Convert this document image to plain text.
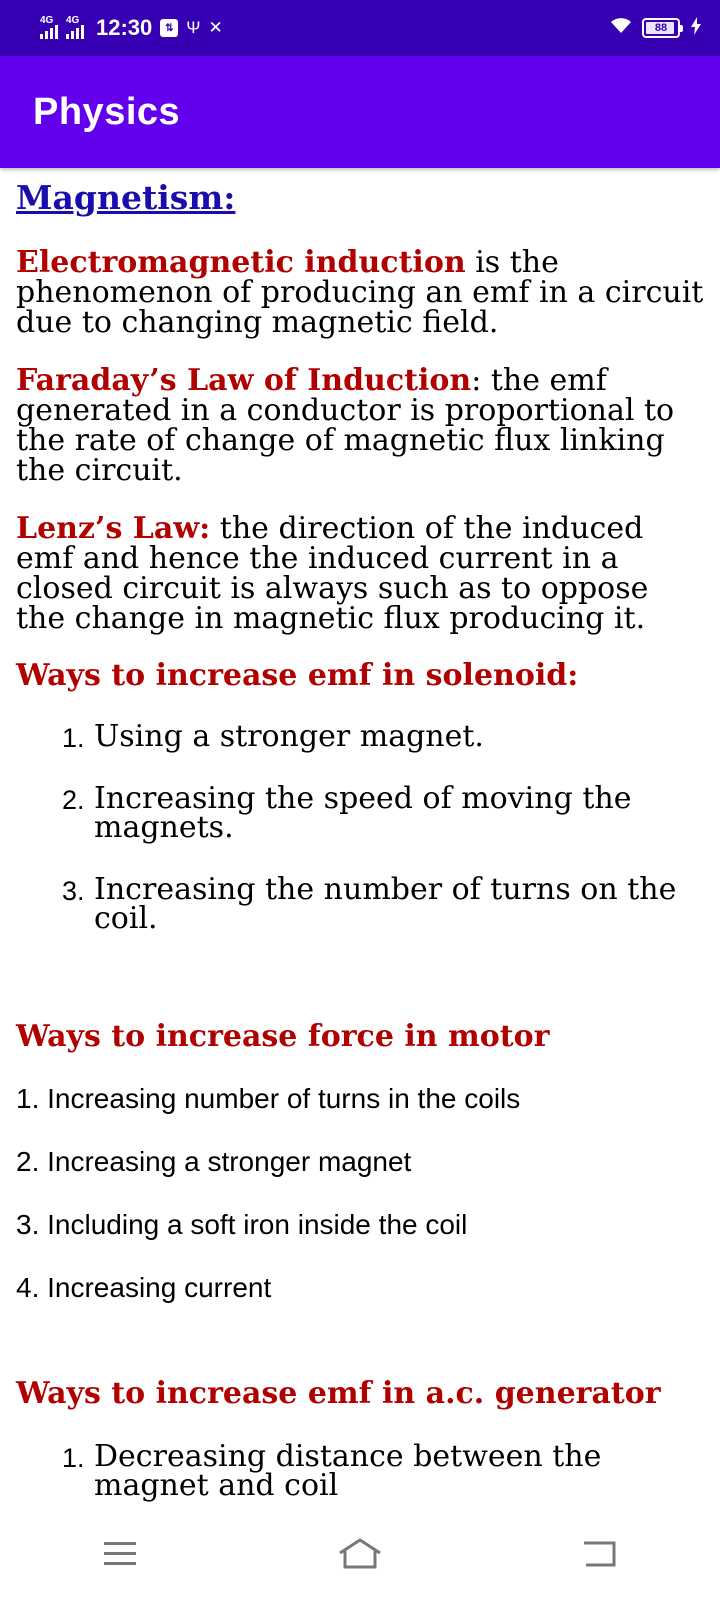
4G 4G 12:30	⇅ Ψ ✕	88
Physics
Magnetism:

Electromagnetic induction is the phenomenon of producing an emf in a circuit due to changing magnetic field.

Faraday’s Law of Induction: the emf generated in a conductor is proportional to the rate of change of magnetic flux linking the circuit.

Lenz’s Law: the direction of the induced emf and hence the induced current in a closed circuit is always such as to oppose the change in magnetic flux producing it.

Ways to increase emf in solenoid:
1. Using a stronger magnet.
2. Increasing the speed of moving the magnets.
3. Increasing the number of turns on the coil.
Ways to increase force in motor
1. Increasing number of turns in the coils
2. Increasing a stronger magnet
3. Including a soft iron inside the coil
4. Increasing current
Ways to increase emf in a.c. generator
1. Decreasing distance between the magnet and coil
